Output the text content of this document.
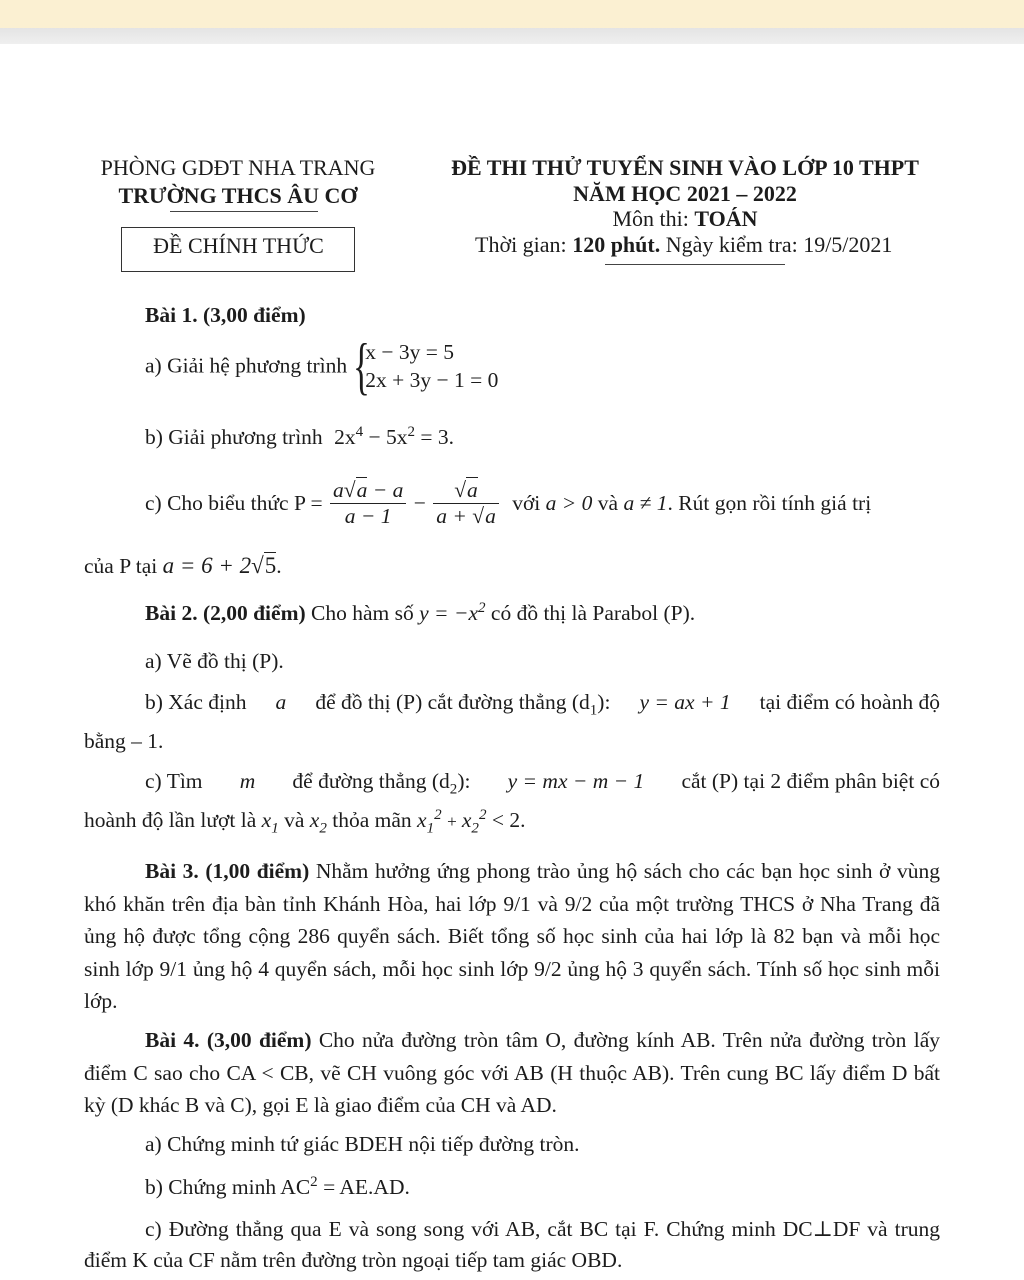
PHÒNG GDĐT NHA TRANG
TRƯỜNG THCS ÂU CƠ
ĐỀ CHÍNH THỨC
ĐỀ THI THỬ TUYỂN SINH VÀO LỚP 10 THPT
NĂM HỌC 2021 – 2022
Môn thi: TOÁN
Thời gian: 120 phút. Ngày kiểm tra: 19/5/2021
Bài 1. (3,00 điểm)
a) Giải hệ phương trình {
x − 3y = 5
2x + 3y − 1 = 0
b) Giải phương trình $2x^4 - 5x^2 = 3$.
c) Cho biểu thức $P = \frac{a√a - a}{a - 1} - \frac{√a}{a + √a}$ với a > 0 và a ≠ 1. Rút gọn rồi tính giá trị
của P tại a = 6 + 2√5.
Bài 2. (2,00 điểm) Cho hàm số $y = -x^2$ có đồ thị là Parabol (P).
a) Vẽ đồ thị (P).
b) Xác định a để đồ thị (P) cắt đường thẳng $(d_1)$: y = ax + 1 tại điểm có hoành độ
bằng – 1.
c) Tìm m để đường thẳng $(d_2)$: y = mx − m − 1 cắt (P) tại 2 điểm phân biệt có
hoành độ lần lượt là $x_1$ và $x_2$ thỏa mãn $x_1^2 + x_2^2 < 2$.
Bài 3. (1,00 điểm) Nhằm hưởng ứng phong trào ủng hộ sách cho các bạn học sinh ở vùng khó khăn trên địa bàn tỉnh Khánh Hòa, hai lớp 9/1 và 9/2 của một trường THCS ở Nha Trang đã ủng hộ được tổng cộng 286 quyển sách. Biết tổng số học sinh của hai lớp là 82 bạn và mỗi học sinh lớp 9/1 ủng hộ 4 quyển sách, mỗi học sinh lớp 9/2 ủng hộ 3 quyển sách. Tính số học sinh mỗi lớp.
Bài 4. (3,00 điểm) Cho nửa đường tròn tâm O, đường kính AB. Trên nửa đường tròn lấy điểm C sao cho CA < CB, vẽ CH vuông góc với AB (H thuộc AB). Trên cung BC lấy điểm D bất kỳ (D khác B và C), gọi E là giao điểm của CH và AD.
a) Chứng minh tứ giác BDEH nội tiếp đường tròn.
b) Chứng minh $AC^2 = AE.AD$.
c) Đường thẳng qua E và song song với AB, cắt BC tại F. Chứng minh DC⊥DF và trung điểm K của CF nằm trên đường tròn ngoại tiếp tam giác OBD.
